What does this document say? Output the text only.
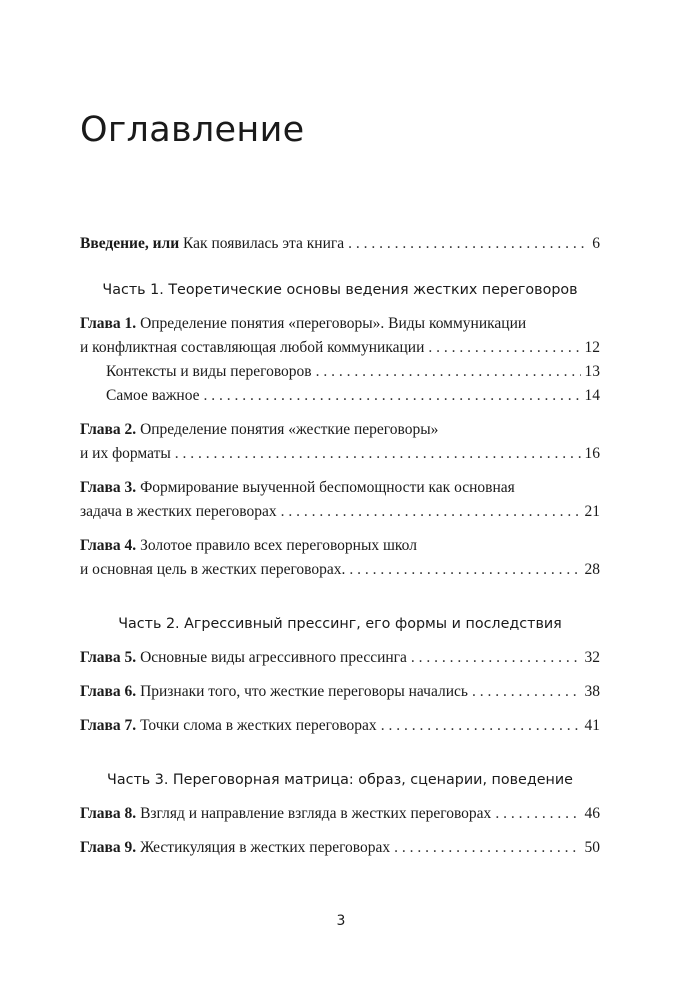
Оглавление
Введение, или Как появилась эта книга . . .	6
Часть 1. Теоретические основы ведения жестких переговоров
Глава 1. Определение понятия «переговоры». Виды коммуникации
и конфликтная составляющая любой коммуникации . . .	12
Контексты и виды переговоров . . .	13
Самое важное . . .	14
Глава 2. Определение понятия «жесткие переговоры»
и их форматы . . .	16
Глава 3. Формирование выученной беспомощности как основная
задача в жестких переговорах . . .	21
Глава 4. Золотое правило всех переговорных школ
и основная цель в жестких переговорах. . . .	28
Часть 2. Агрессивный прессинг, его формы и последствия
Глава 5. Основные виды агрессивного прессинга . . .	32
Глава 6. Признаки того, что жесткие переговоры начались . . .	38
Глава 7. Точки слома в жестких переговорах . . .	41
Часть 3. Переговорная матрица: образ, сценарии, поведение
Глава 8. Взгляд и направление взгляда в жестких переговорах . . .	46
Глава 9. Жестикуляция в жестких переговорах . . .	50
3
